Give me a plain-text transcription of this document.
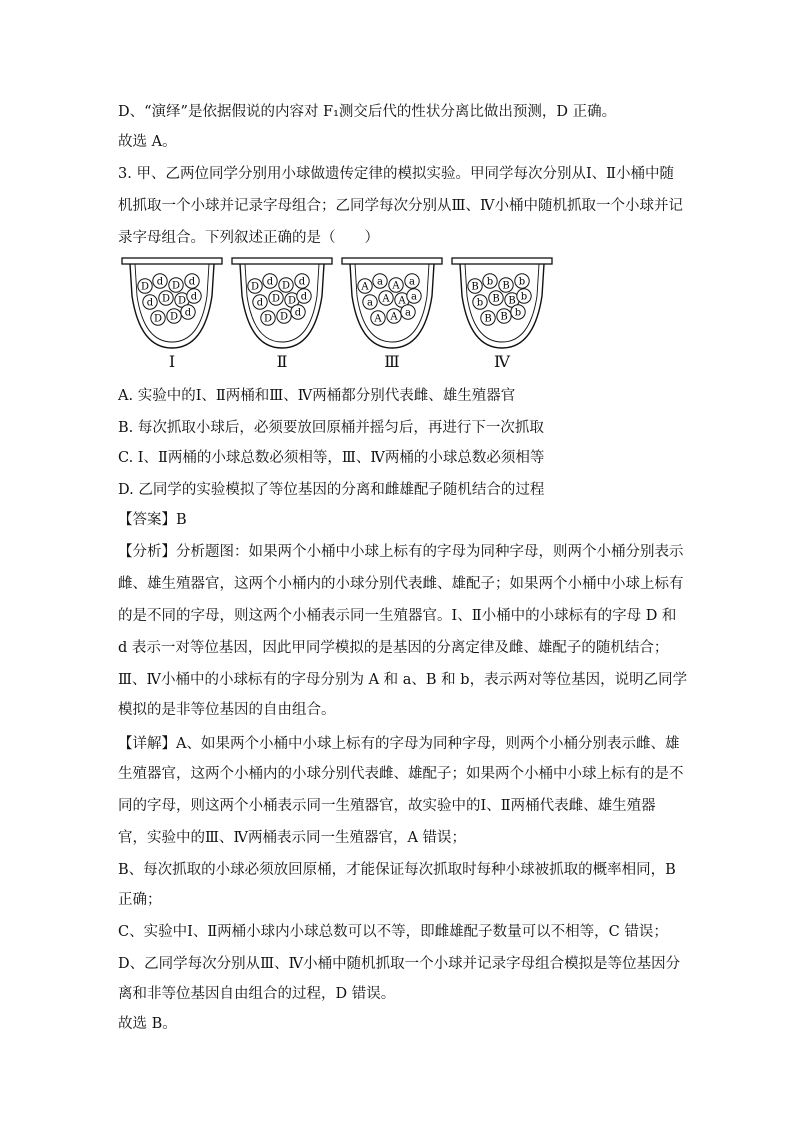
D、“演绎”是依据假说的内容对 F₁测交后代的性状分离比做出预测，D 正确。
故选 A。
3. 甲、乙两位同学分别用小球做遗传定律的模拟实验。甲同学每次分别从Ⅰ、Ⅱ小桶中随
机抓取一个小球并记录字母组合；乙同学每次分别从Ⅲ、Ⅳ小桶中随机抓取一个小球并记
录字母组合。下列叙述正确的是（　　）
D d D d
d D D d
D D d
Ⅰ
D d D d
d D D d
D D d
Ⅱ
A a A a
a A A a
A A a
Ⅲ
B b B b
b B B b
B B b
Ⅳ
A. 实验中的Ⅰ、Ⅱ两桶和Ⅲ、Ⅳ两桶都分别代表雌、雄生殖器官
B. 每次抓取小球后，必须要放回原桶并摇匀后，再进行下一次抓取
C. Ⅰ、Ⅱ两桶的小球总数必须相等，Ⅲ、Ⅳ两桶的小球总数必须相等
D. 乙同学的实验模拟了等位基因的分离和雌雄配子随机结合的过程
【答案】B
【分析】分析题图：如果两个小桶中小球上标有的字母为同种字母，则两个小桶分别表示
雌、雄生殖器官，这两个小桶内的小球分别代表雌、雄配子；如果两个小桶中小球上标有
的是不同的字母，则这两个小桶表示同一生殖器官。Ⅰ、Ⅱ小桶中的小球标有的字母 D 和
d 表示一对等位基因，因此甲同学模拟的是基因的分离定律及雌、雄配子的随机结合；
Ⅲ、Ⅳ小桶中的小球标有的字母分别为 A 和 a、B 和 b，表示两对等位基因，说明乙同学
模拟的是非等位基因的自由组合。
【详解】A、如果两个小桶中小球上标有的字母为同种字母，则两个小桶分别表示雌、雄
生殖器官，这两个小桶内的小球分别代表雌、雄配子；如果两个小桶中小球上标有的是不
同的字母，则这两个小桶表示同一生殖器官，故实验中的Ⅰ、Ⅱ两桶代表雌、雄生殖器
官，实验中的Ⅲ、Ⅳ两桶表示同一生殖器官，A 错误；
B、每次抓取的小球必须放回原桶，才能保证每次抓取时每种小球被抓取的概率相同，B
正确；
C、实验中Ⅰ、Ⅱ两桶小球内小球总数可以不等，即雌雄配子数量可以不相等，C 错误；
D、乙同学每次分别从Ⅲ、Ⅳ小桶中随机抓取一个小球并记录字母组合模拟是等位基因分
离和非等位基因自由组合的过程，D 错误。
故选 B。
